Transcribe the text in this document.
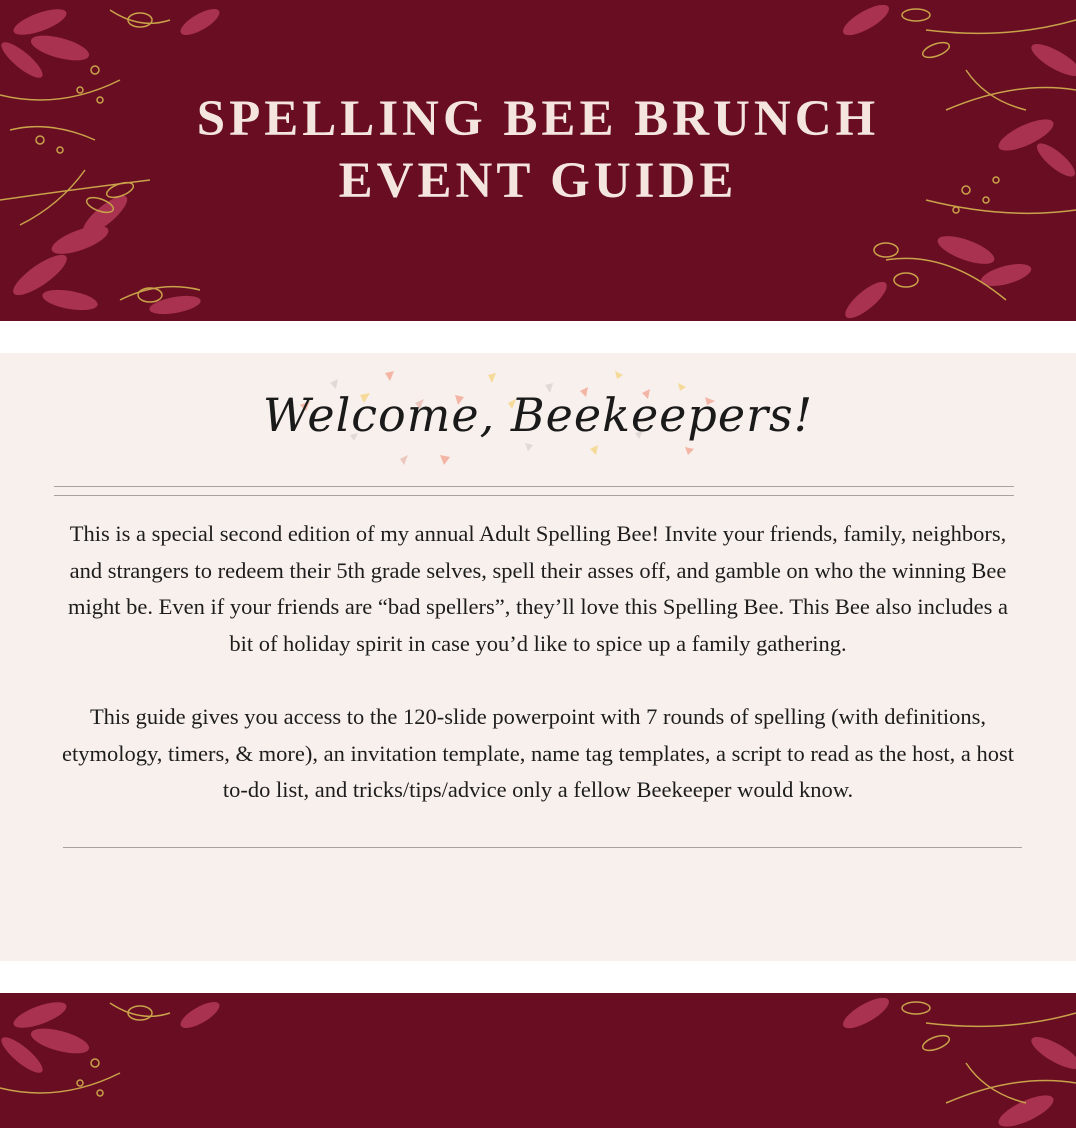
SPELLING BEE BRUNCH
EVENT GUIDE
Welcome, Beekeepers!
This is a special second edition of my annual Adult Spelling Bee! Invite your friends, family, neighbors, and strangers to redeem their 5th grade selves, spell their asses off, and gamble on who the winning Bee might be. Even if your friends are “bad spellers”, they’ll love this Spelling Bee. This Bee also includes a bit of holiday spirit in case you’d like to spice up a family gathering.
This guide gives you access to the 120-slide powerpoint with 7 rounds of spelling (with definitions, etymology, timers, & more), an invitation template, name tag templates, a script to read as the host, a host to-do list, and tricks/tips/advice only a fellow Beekeeper would know.
